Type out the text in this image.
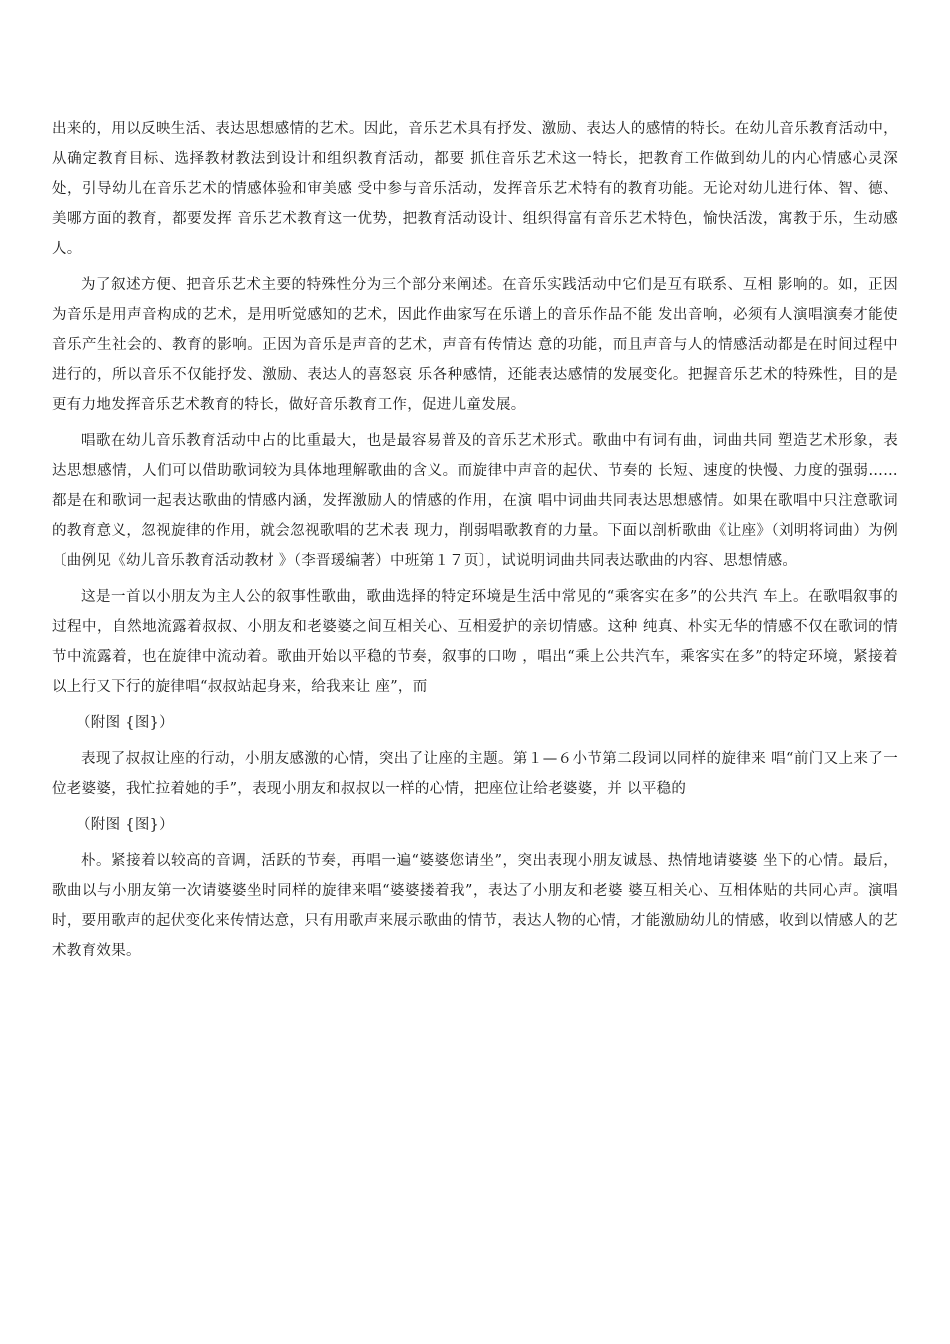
出来的，用以反映生活、表达思想感情的艺术。因此，音乐艺术具有抒发、激励、表达人的感情的特长。在幼儿音乐教育活动中，从确定教育目标、选择教材教法到设计和组织教育活动，都要 抓住音乐艺术这一特长，把教育工作做到幼儿的内心情感心灵深处，引导幼儿在音乐艺术的情感体验和审美感 受中参与音乐活动，发挥音乐艺术特有的教育功能。无论对幼儿进行体、智、德、美哪方面的教育，都要发挥 音乐艺术教育这一优势，把教育活动设计、组织得富有音乐艺术特色，愉快活泼，寓教于乐，生动感人。

为了叙述方便、把音乐艺术主要的特殊性分为三个部分来阐述。在音乐实践活动中它们是互有联系、互相 影响的。如，正因为音乐是用声音构成的艺术，是用听觉感知的艺术，因此作曲家写在乐谱上的音乐作品不能 发出音响，必须有人演唱演奏才能使音乐产生社会的、教育的影响。正因为音乐是声音的艺术，声音有传情达 意的功能，而且声音与人的情感活动都是在时间过程中进行的，所以音乐不仅能抒发、激励、表达人的喜怒哀 乐各种感情，还能表达感情的发展变化。把握音乐艺术的特殊性，目的是更有力地发挥音乐艺术教育的特长，做好音乐教育工作，促进儿童发展。

唱歌在幼儿音乐教育活动中占的比重最大，也是最容易普及的音乐艺术形式。歌曲中有词有曲，词曲共同 塑造艺术形象，表达思想感情，人们可以借助歌词较为具体地理解歌曲的含义。而旋律中声音的起伏、节奏的 长短、速度的快慢、力度的强弱……都是在和歌词一起表达歌曲的情感内涵，发挥激励人的情感的作用，在演 唱中词曲共同表达思想感情。如果在歌唱中只注意歌词的教育意义，忽视旋律的作用，就会忽视歌唱的艺术表 现力，削弱唱歌教育的力量。下面以剖析歌曲《让座》（刘明将词曲）为例〔曲例见《幼儿音乐教育活动教材 》（李晋瑗编著）中班第１７页〕，试说明词曲共同表达歌曲的内容、思想情感。

这是一首以小朋友为主人公的叙事性歌曲，歌曲选择的特定环境是生活中常见的“乘客实在多”的公共汽 车上。在歌唱叙事的过程中，自然地流露着叔叔、小朋友和老婆婆之间互相关心、互相爱护的亲切情感。这种 纯真、朴实无华的情感不仅在歌词的情节中流露着，也在旋律中流动着。歌曲开始以平稳的节奏，叙事的口吻 ，唱出“乘上公共汽车，乘客实在多”的特定环境，紧接着以上行又下行的旋律唱“叔叔站起身来，给我来让 座”，而

（附图 {图}）

表现了叔叔让座的行动，小朋友感激的心情，突出了让座的主题。第１—６小节第二段词以同样的旋律来 唱“前门又上来了一位老婆婆，我忙拉着她的手”，表现小朋友和叔叔以一样的心情，把座位让给老婆婆，并 以平稳的

（附图 {图}）

朴。紧接着以较高的音调，活跃的节奏，再唱一遍“婆婆您请坐”，突出表现小朋友诚恳、热情地请婆婆 坐下的心情。最后，歌曲以与小朋友第一次请婆婆坐时同样的旋律来唱“婆婆搂着我”，表达了小朋友和老婆 婆互相关心、互相体贴的共同心声。演唱时，要用歌声的起伏变化来传情达意，只有用歌声来展示歌曲的情节，表达人物的心情，才能激励幼儿的情感，收到以情感人的艺术教育效果。
